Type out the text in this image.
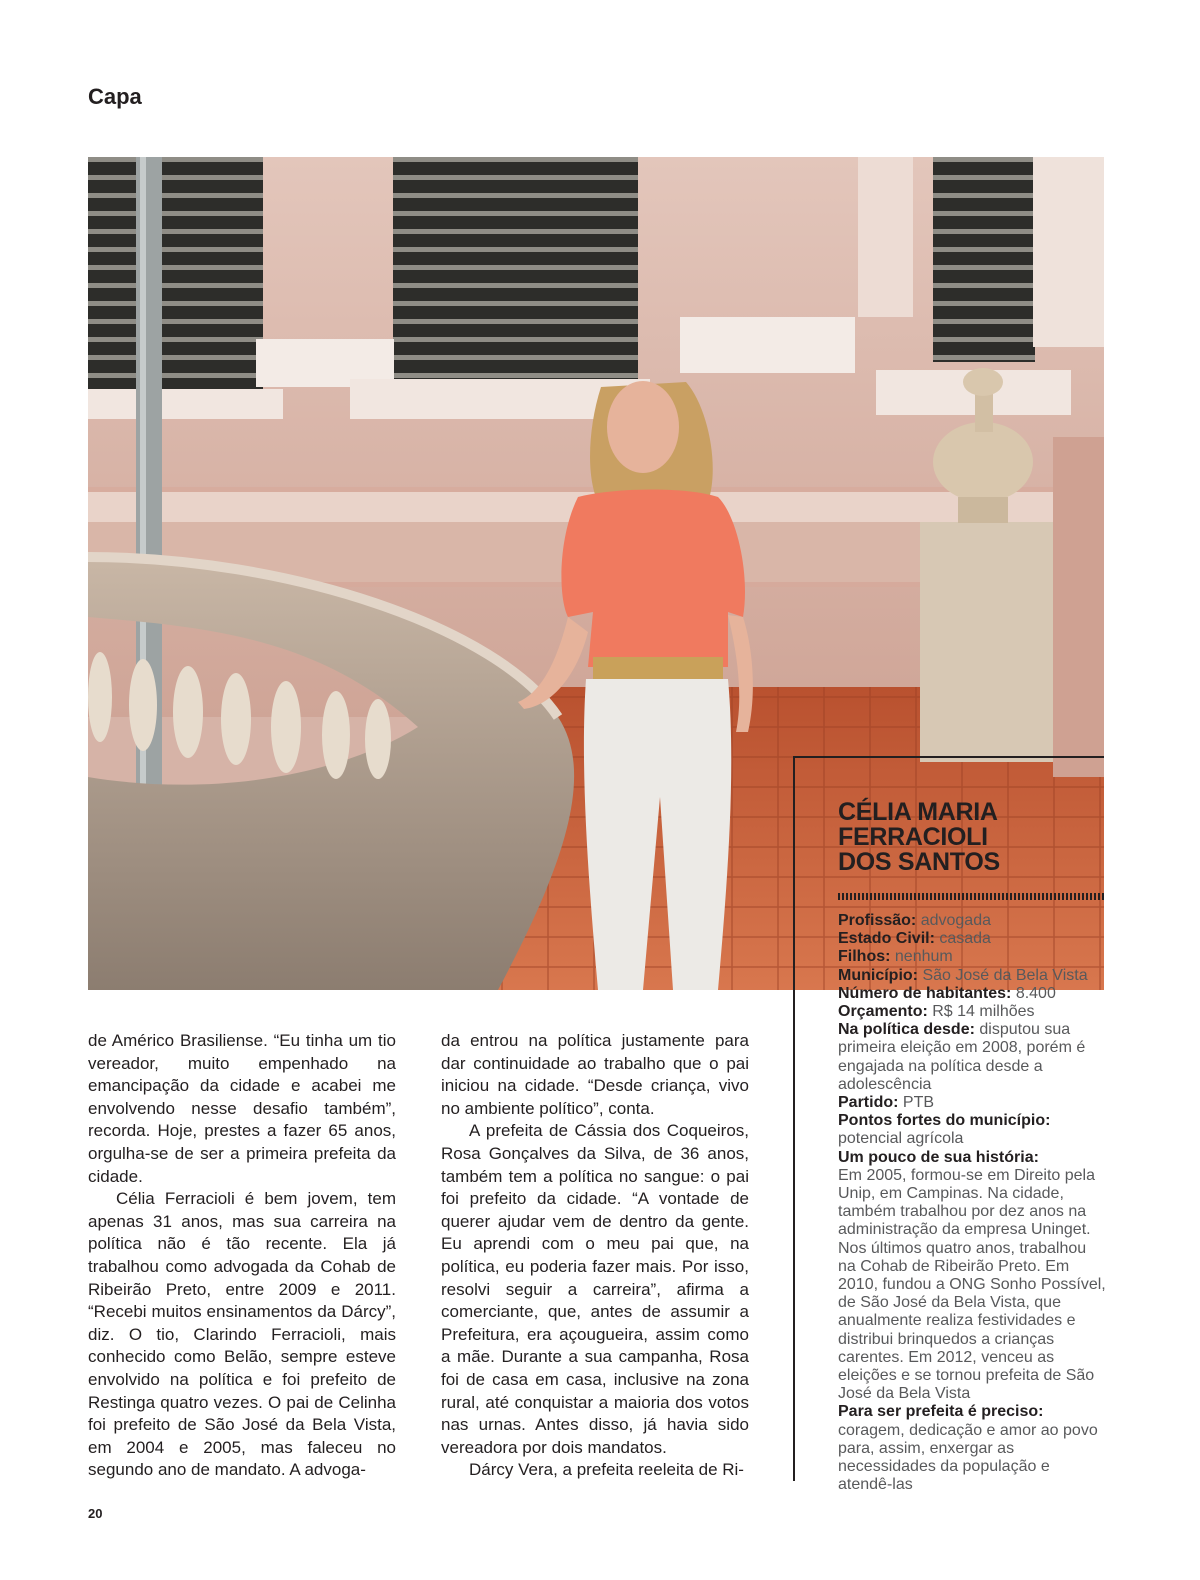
Capa

de Américo Brasiliense. “Eu tinha um tio vereador, muito empenhado na emancipação da cidade e acabei me envolvendo nesse desafio também”, recorda. Hoje, prestes a fazer 65 anos, orgulha-se de ser a primeira prefeita da cidade.

Célia Ferracioli é bem jovem, tem apenas 31 anos, mas sua carreira na política não é tão recente. Ela já trabalhou como advogada da Cohab de Ribeirão Preto, entre 2009 e 2011. “Recebi muitos ensinamentos da Dárcy”, diz. O tio, Clarindo Ferracioli, mais conhecido como Belão, sempre esteve envolvido na política e foi prefeito de Restinga quatro vezes. O pai de Celinha foi prefeito de São José da Bela Vista, em 2004 e 2005, mas faleceu no segundo ano de mandato. A advoga-

da entrou na política justamente para dar continuidade ao trabalho que o pai iniciou na cidade. “Desde criança, vivo no ambiente político”, conta.

A prefeita de Cássia dos Coqueiros, Rosa Gonçalves da Silva, de 36 anos, também tem a política no sangue: o pai foi prefeito da cidade. “A vontade de querer ajudar vem de dentro da gente. Eu aprendi com o meu pai que, na política, eu poderia fazer mais. Por isso, resolvi seguir a carreira”, afirma a comerciante, que, antes de assumir a Prefeitura, era açougueira, assim como a mãe. Durante a sua campanha, Rosa foi de casa em casa, inclusive na zona rural, até conquistar a maioria dos votos nas urnas. Antes disso, já havia sido vereadora por dois mandatos.

Dárcy Vera, a prefeita reeleita de Ri-

CÉLIA MARIA
FERRACIOLI
DOS SANTOS

Profissão: advogada

Estado Civil: casada

Filhos: nenhum

Município: São José da Bela Vista

Número de habitantes: 8.400

Orçamento: R$ 14 milhões

Na política desde: disputou sua primeira eleição em 2008, porém é engajada na política desde a adolescência

Partido: PTB

Pontos fortes do município:
potencial agrícola

Um pouco de sua história:
Em 2005, formou-se em Direito pela Unip, em Campinas. Na cidade, também trabalhou por dez anos na administração da empresa Uninget. Nos últimos quatro anos, trabalhou na Cohab de Ribeirão Preto. Em 2010, fundou a ONG Sonho Possível, de São José da Bela Vista, que anualmente realiza festividades e distribui brinquedos a crianças carentes. Em 2012, venceu as eleições e se tornou prefeita de São José da Bela Vista

Para ser prefeita é preciso:
coragem, dedicação e amor ao povo para, assim, enxergar as necessidades da população e atendê-las

20
